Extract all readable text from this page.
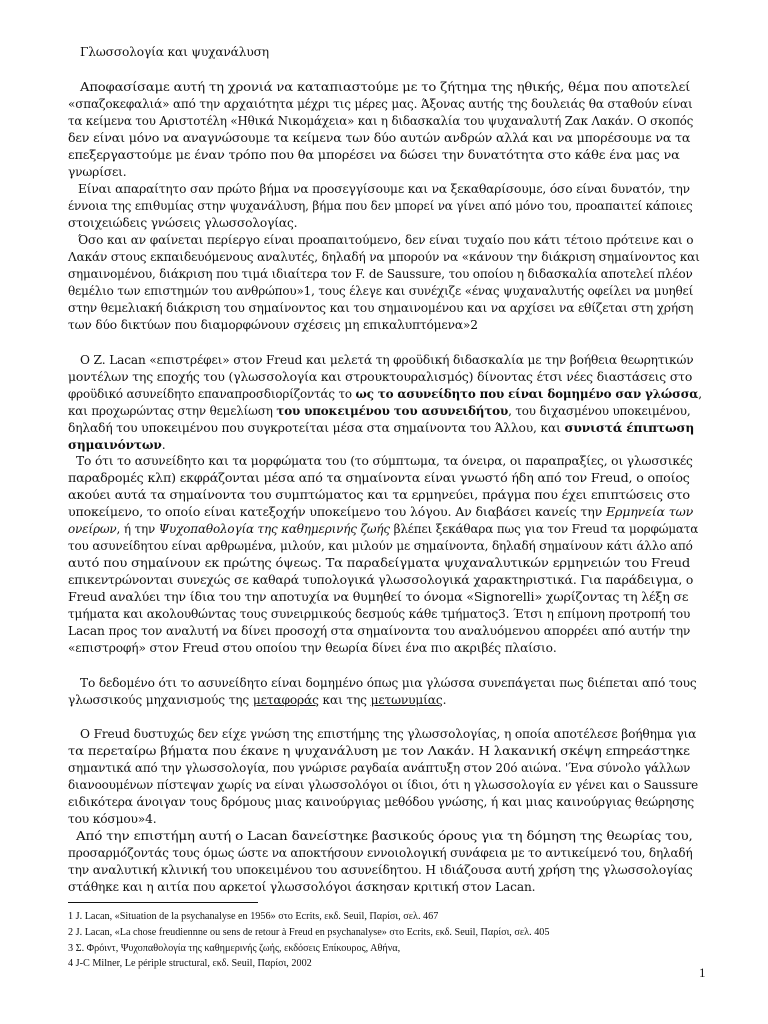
Γλωσσολογία και ψυχανάλυση
Αποφασίσαμε αυτή τη χρονιά να καταπιαστούμε με το ζήτημα της ηθικής, θέμα που αποτελεί
«σπαζοκεφαλιά» από την αρχαιότητα μέχρι τις μέρες μας. Άξονας αυτής της δουλειάς θα σταθούν είναι
τα κείμενα του Αριστοτέλη «Ηθικά Νικομάχεια» και η διδασκαλία του ψυχαναλυτή Ζακ Λακάν. Ο σκοπός
δεν είναι μόνο να αναγνώσουμε τα κείμενα των δύο αυτών ανδρών αλλά και να μπορέσουμε να τα
επεξεργαστούμε με έναν τρόπο που θα μπορέσει να δώσει την δυνατότητα στο κάθε ένα μας να
γνωρίσει.
Είναι απαραίτητο σαν πρώτο βήμα να προσεγγίσουμε και να ξεκαθαρίσουμε, όσο είναι δυνατόν, την
έννοια της επιθυμίας στην ψυχανάλυση, βήμα που δεν μπορεί να γίνει από μόνο του, προαπαιτεί κάποιες
στοιχειώδεις γνώσεις γλωσσολογίας.
Όσο και αν φαίνεται περίεργο είναι προαπαιτούμενο, δεν είναι τυχαίο που κάτι τέτοιο πρότεινε και ο
Λακάν στους εκπαιδευόμενους αναλυτές, δηλαδή να μπορούν να «κάνουν την διάκριση σημαίνοντος και
σημαινομένου, διάκριση που τιμά ιδιαίτερα τον F. de Saussure, του οποίου η διδασκαλία αποτελεί πλέον
θεμέλιο των επιστημών του ανθρώπου»1, τους έλεγε και συνέχιζε «ένας ψυχαναλυτής οφείλει να μυηθεί
στην θεμελιακή διάκριση του σημαίνοντος και του σημαινομένου και να αρχίσει να εθίζεται στη χρήση
των δύο δικτύων που διαμορφώνουν σχέσεις μη επικαλυπτόμενα»2
Ο Ζ. Lacan «επιστρέφει» στον Freud και μελετά τη φροϋδική διδασκαλία με την βοήθεια θεωρητικών
μοντέλων της εποχής του (γλωσσολογία και στρουκτουραλισμός) δίνοντας έτσι νέες διαστάσεις στο
φροϋδικό ασυνείδητο επαναπροσδιορίζοντάς το ως το ασυνείδητο που είναι δομημένο σαν γλώσσα,
και προχωρώντας στην θεμελίωση του υποκειμένου του ασυνειδήτου, του διχασμένου υποκειμένου,
δηλαδή του υποκειμένου που συγκροτείται μέσα στα σημαίνοντα του Άλλου, και συνιστά έπιπτωση
σημαινόντων.
Το ότι το ασυνείδητο και τα μορφώματα του (το σύμπτωμα, τα όνειρα, οι παραπραξίες, οι γλωσσικές
παραδρομές κλπ) εκφράζονται μέσα από τα σημαίνοντα είναι γνωστό ήδη από τον Freud, ο οποίος
ακούει αυτά τα σημαίνοντα του συμπτώματος και τα ερμηνεύει, πράγμα που έχει επιπτώσεις στο
υποκείμενο, το οποίο είναι κατεξοχήν υποκείμενο του λόγου. Αν διαβάσει κανείς την Ερμηνεία των
ονείρων, ή την Ψυχοπαθολογία της καθημερινής ζωής βλέπει ξεκάθαρα πως για τον Freud τα μορφώματα
του ασυνείδητου είναι αρθρωμένα, μιλούν, και μιλούν με σημαίνοντα, δηλαδή σημαίνουν κάτι άλλο από
αυτό που σημαίνουν εκ πρώτης όψεως. Τα παραδείγματα ψυχαναλυτικών ερμηνειών του Freud
επικεντρώνονται συνεχώς σε καθαρά τυπολογικά γλωσσολογικά χαρακτηριστικά. Για παράδειγμα, ο
Freud αναλύει την ίδια του την αποτυχία να θυμηθεί το όνομα «Signorelli» χωρίζοντας τη λέξη σε
τμήματα και ακολουθώντας τους συνειρμικούς δεσμούς κάθε τμήματος3. Έτσι η επίμονη προτροπή του
Lacan προς τον αναλυτή να δίνει προσοχή στα σημαίνοντα του αναλυόμενου απορρέει από αυτήν την
«επιστροφή» στον Freud στου οποίου την θεωρία δίνει ένα πιο ακριβές πλαίσιο.
Το δεδομένο ότι το ασυνείδητο είναι δομημένο όπως μια γλώσσα συνεπάγεται πως διέπεται από τους
γλωσσικούς μηχανισμούς της μεταφοράς και της μετωνυμίας.
Ο Freud δυστυχώς δεν είχε γνώση της επιστήμης της γλωσσολογίας, η οποία αποτέλεσε βοήθημα για
τα περεταίρω βήματα που έκανε η ψυχανάλυση με τον Λακάν. Η λακανική σκέψη επηρεάστηκε
σημαντικά από την γλωσσολογία, που γνώρισε ραγδαία ανάπτυξη στον 20ό αιώνα. 'Ένα σύνολο γάλλων
διανοουμένων πίστεψαν χωρίς να είναι γλωσσολόγοι οι ίδιοι, ότι η γλωσσολογία εν γένει και ο Saussure
ειδικότερα άνοιγαν τους δρόμους μιας καινούργιας μεθόδου γνώσης, ή και μιας καινούργιας θεώρησης
του κόσμου»4.
Από την επιστήμη αυτή ο Lacan δανείστηκε βασικούς όρους για τη δόμηση της θεωρίας του,
προσαρμόζοντάς τους όμως ώστε να αποκτήσουν εννοιολογική συνάφεια με το αντικείμενό του, δηλαδή
την αναλυτική κλινική του υποκειμένου του ασυνείδητου. Η ιδιάζουσα αυτή χρήση της γλωσσολογίας
στάθηκε και η αιτία που αρκετοί γλωσσολόγοι άσκησαν κριτική στον Lacan.
1 J. Lacan, «Situation de la psychanalyse en 1956» στο Ecrits, εκδ. Seuil, Παρίσι, σελ. 467
2 J. Lacan, «La chose freudiennne ou sens de retour à Freud en psychanalyse» στο Ecrits, εκδ. Seuil, Παρίσι, σελ. 405
3 Σ. Φρόιντ, Ψυχοπαθολογία της καθημερινής ζωής, εκδόσεις Επίκουρος, Αθήνα,
4 J-C Milner, Le périple structural, εκδ. Seuil, Παρίσι, 2002
1
